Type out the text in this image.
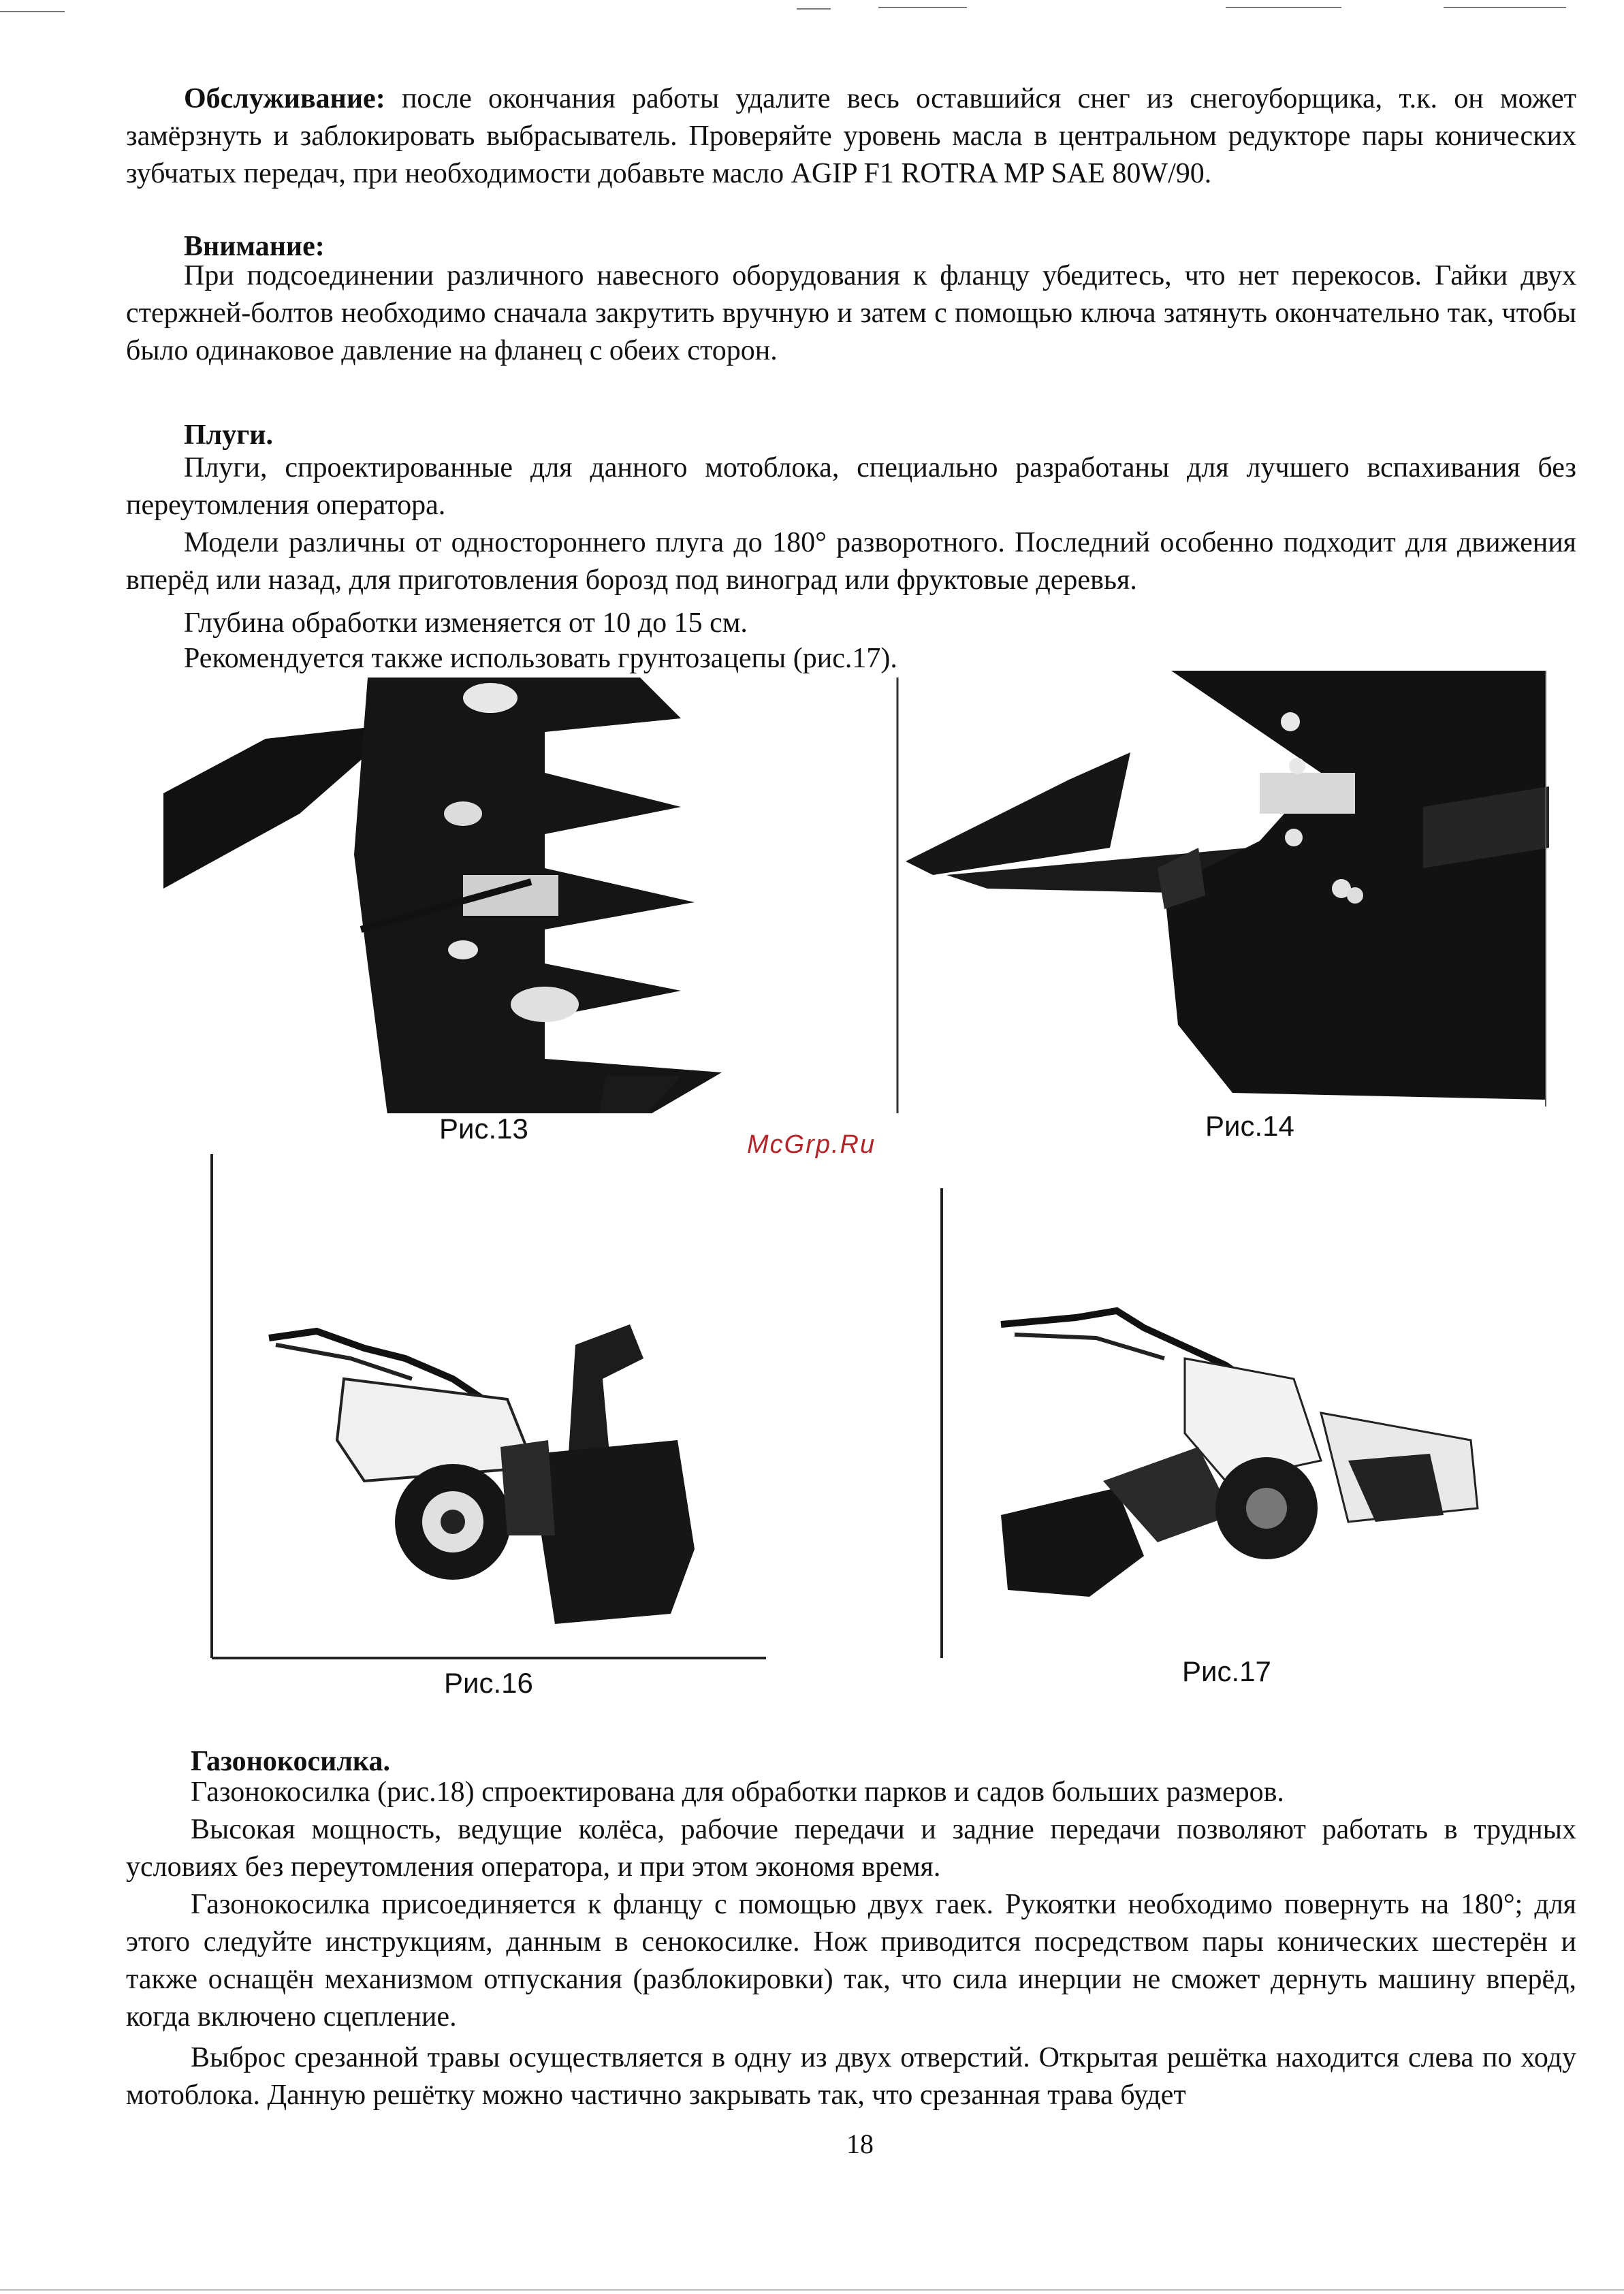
Обслуживание: после окончания работы удалите весь оставшийся снег из снегоуборщика, т.к. он может замёрзнуть и заблокировать выбрасыватель. Проверяйте уровень масла в центральном редукторе пары конических зубчатых передач, при необходимости добавьте масло AGIP F1 ROTRA MP SAE 80W/90.

Внимание:

При подсоединении различного навесного оборудования к фланцу убедитесь, что нет перекосов. Гайки двух стержней-болтов необходимо сначала закрутить вручную и затем с помощью ключа затянуть окончательно так, чтобы было одинаковое давление на фланец с обеих сторон.

Плуги.

Плуги, спроектированные для данного мотоблока, специально разработаны для лучшего вспахивания без переутомления оператора.

Модели различны от одностороннего плуга до 180° разворотного. Последний особенно подходит для движения вперёд или назад, для приготовления борозд под виноград или фруктовые деревья.

Глубина обработки изменяется от 10 до 15 см.

Рекомендуется также использовать грунтозацепы (рис.17).

Рис.13	Рис.14
McGrp.Ru
Рис.16	Рис.17

Газонокосилка.

Газонокосилка (рис.18) спроектирована для обработки парков и садов больших размеров.

Высокая мощность, ведущие колёса, рабочие передачи и задние передачи позволяют работать в трудных условиях без переутомления оператора, и при этом экономя время.

Газонокосилка присоединяется к фланцу с помощью двух гаек. Рукоятки необходимо повернуть на 180°; для этого следуйте инструкциям, данным в сенокосилке. Нож приводится посредством пары конических шестерён и также оснащён механизмом отпускания (разблокировки) так, что сила инерции не сможет дернуть машину вперёд, когда включено сцепление.

Выброс срезанной травы осуществляется в одну из двух отверстий. Открытая решётка находится слева по ходу мотоблока. Данную решётку можно частично закрывать так, что срезанная трава будет

18
